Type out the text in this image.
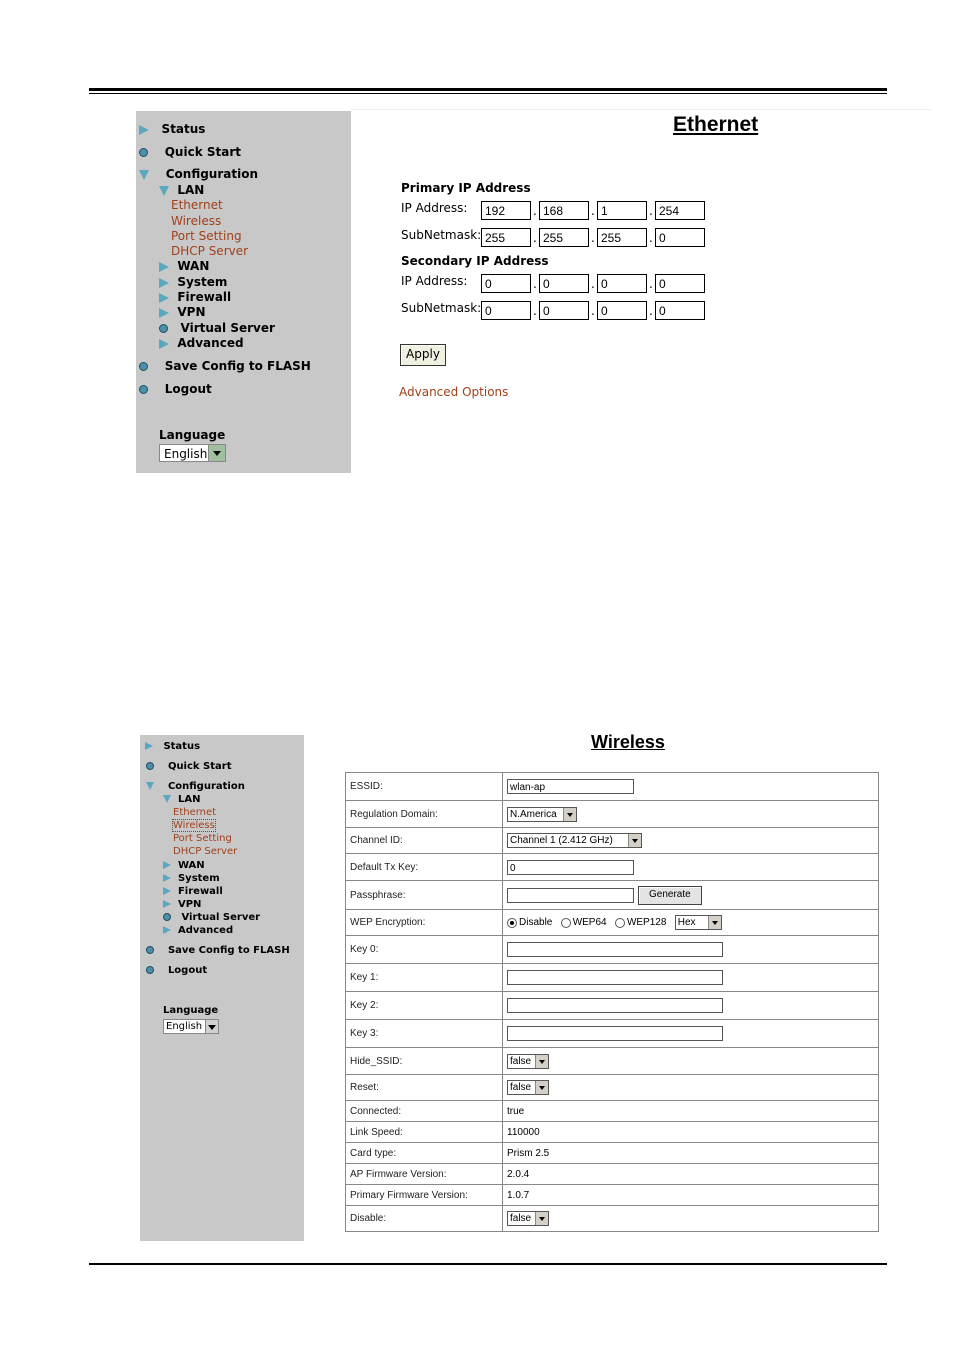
Status
Quick Start
Configuration
LAN
Ethernet
Wireless
Port Setting
DHCP Server
WAN
System
Firewall
VPN
Virtual Server
Advanced
Save Config to FLASH
Logout
Language
English
Ethernet
Primary IP Address
IP Address:	192	. 168	. 1	. 254
SubNetmask: 255	. 255	. 255	. 0
Secondary IP Address
IP Address:	0	. 0	. 0	. 0
SubNetmask: 0	. 0	. 0	. 0
Apply
Advanced Options
Status
Quick Start
Configuration
LAN
Ethernet
Wireless
Port Setting
DHCP Server
WAN
System
Firewall
VPN
Virtual Server
Advanced
Save Config to FLASH
Logout
Language
English
Wireless
ESSID:	wlan-ap
Regulation Domain:	N.America

Channel ID:	Channel 1 (2.412 GHz)

Default Tx Key:	0
Passphrase:	Generate
WEP Encryption:	Disable WEP64 WEP128 Hex

Key 0:	
Key 1:	
Key 2:	
Key 3:	
Hide_SSID:	false

Reset:	false

Connected:	true
Link Speed:	110000
Card type:	Prism 2.5
AP Firmware Version:	2.0.4
Primary Firmware Version:	1.0.7
Disable:	false
